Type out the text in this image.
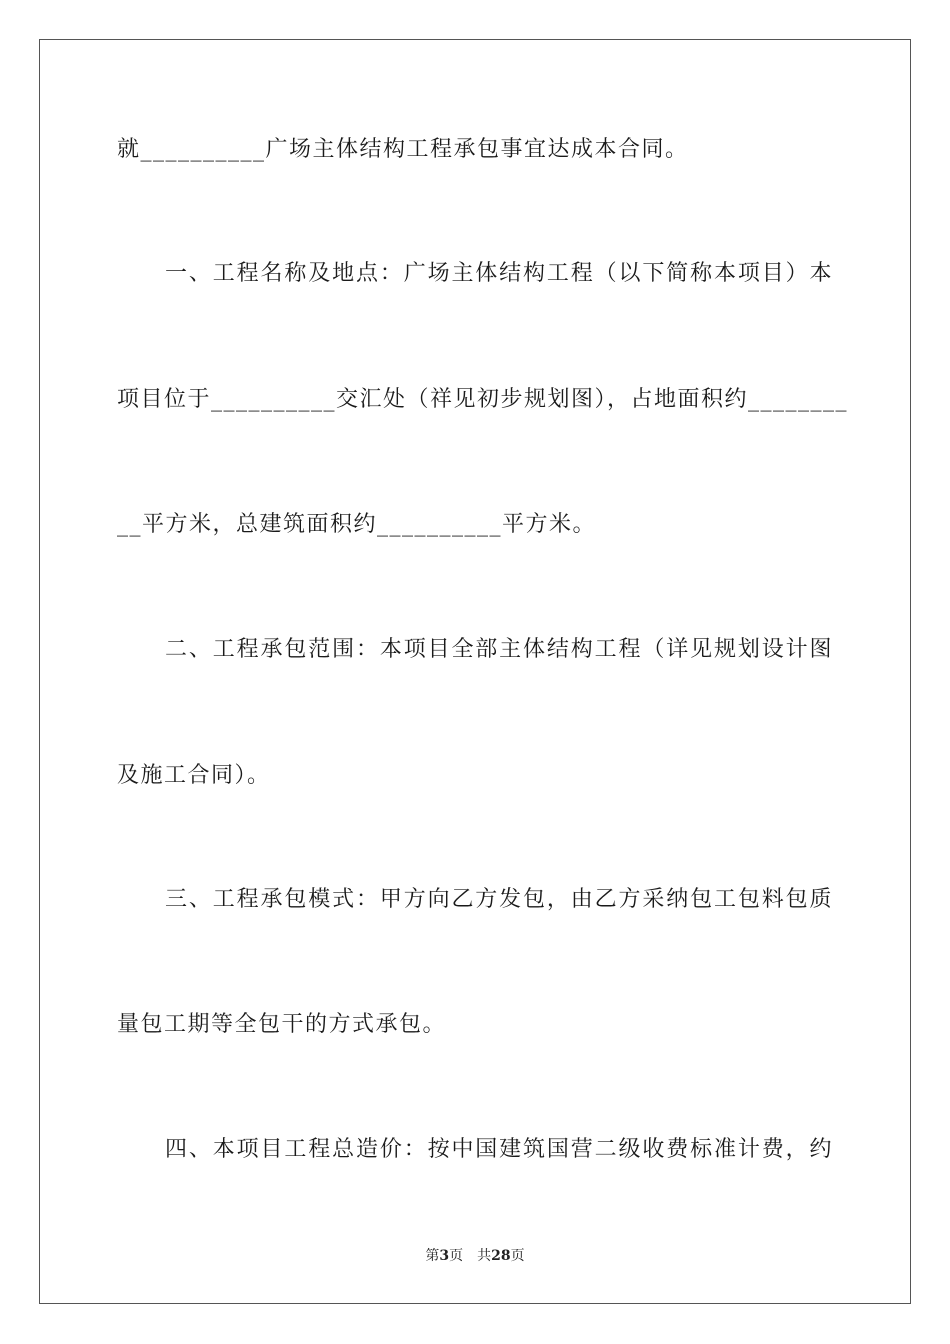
就__________广场主体结构工程承包事宜达成本合同。
一、工程名称及地点：广场主体结构工程（以下简称本项目）本
项目位于__________交汇处（祥见初步规划图），占地面积约________
__平方米，总建筑面积约__________平方米。
二、工程承包范围：本项目全部主体结构工程（详见规划设计图
及施工合同）。
三、工程承包模式：甲方向乙方发包，由乙方采纳包工包料包质
量包工期等全包干的方式承包。
四、本项目工程总造价：按中国建筑国营二级收费标准计费，约
第3页 共28页
